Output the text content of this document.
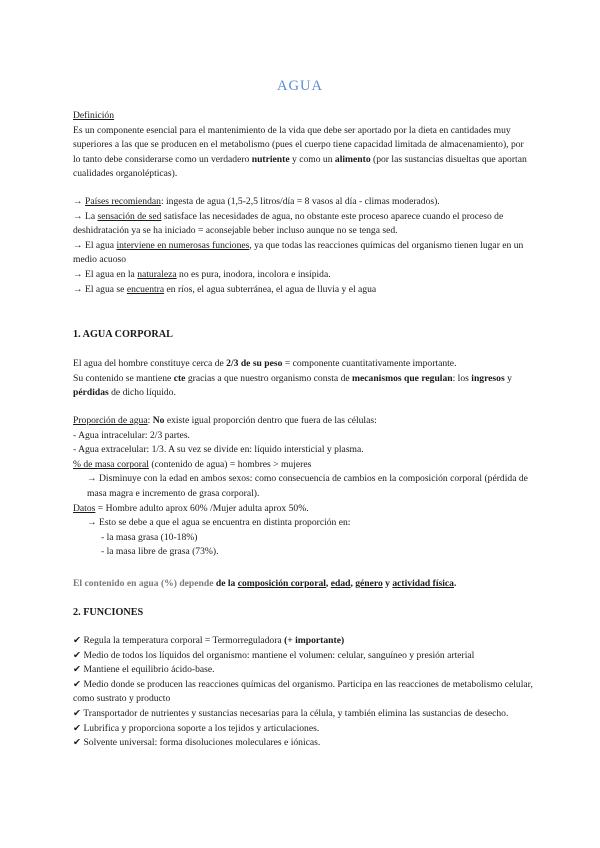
AGUA

Definición

Es un componente esencial para el mantenimiento de la vida que debe ser aportado por la dieta en cantidades muy superiores a las que se producen en el metabolismo (pues el cuerpo tiene capacidad limitada de almacenamiento), por lo tanto debe considerarse como un verdadero nutriente y como un alimento (por las sustancias disueltas que aportan cualidades organolépticas).

→ Países recomiendan: ingesta de agua (1,5-2,5 litros/día = 8 vasos al día - climas moderados).

→ La sensación de sed satisface las necesidades de agua, no obstante este proceso aparece cuando el proceso de deshidratación ya se ha iniciado = aconsejable beber incluso aunque no se tenga sed.

→ El agua interviene en numerosas funciones, ya que todas las reacciones químicas del organismo tienen lugar en un medio acuoso

→ El agua en la naturaleza no es pura, inodora, incolora e insípida.

→ El agua se encuentra en ríos, el agua subterránea, el agua de lluvia y el agua

1. AGUA CORPORAL

El agua del hombre constituye cerca de 2/3 de su peso = componente cuantitativamente importante.

Su contenido se mantiene cte gracias a que nuestro organismo consta de mecanismos que regulan: los ingresos y pérdidas de dicho líquido.

Proporción de agua: No existe igual proporción dentro que fuera de las células:

- Agua intracelular: 2/3 partes.

- Agua extracelular: 1/3. A su vez se divide en: líquido intersticial y plasma.

% de masa corporal (contenido de agua) = hombres > mujeres

→ Disminuye con la edad en ambos sexos: como consecuencia de cambios en la composición corporal (pérdida de masa magra e incremento de grasa corporal).

Datos = Hombre adulto aprox 60% /Mujer adulta aprox 50%.

→ Esto se debe a que el agua se encuentra en distinta proporción en:

- la masa grasa (10-18%)

- la masa libre de grasa (73%).

El contenido en agua (%) depende de la composición corporal, edad, género y actividad física.

2. FUNCIONES

✔ Regula la temperatura corporal = Termorreguladora (+ importante)

✔ Medio de todos los líquidos del organismo: mantiene el volumen: celular, sanguíneo y presión arterial

✔ Mantiene el equilibrio ácido-base.

✔ Medio donde se producen las reacciones químicas del organismo. Participa en las reacciones de metabolismo celular, como sustrato y producto

✔ Transportador de nutrientes y sustancias necesarias para la célula, y también elimina las sustancias de desecho.

✔ Lubrifica y proporciona soporte a los tejidos y articulaciones.

✔ Solvente universal: forma disoluciones moleculares e iónicas.
